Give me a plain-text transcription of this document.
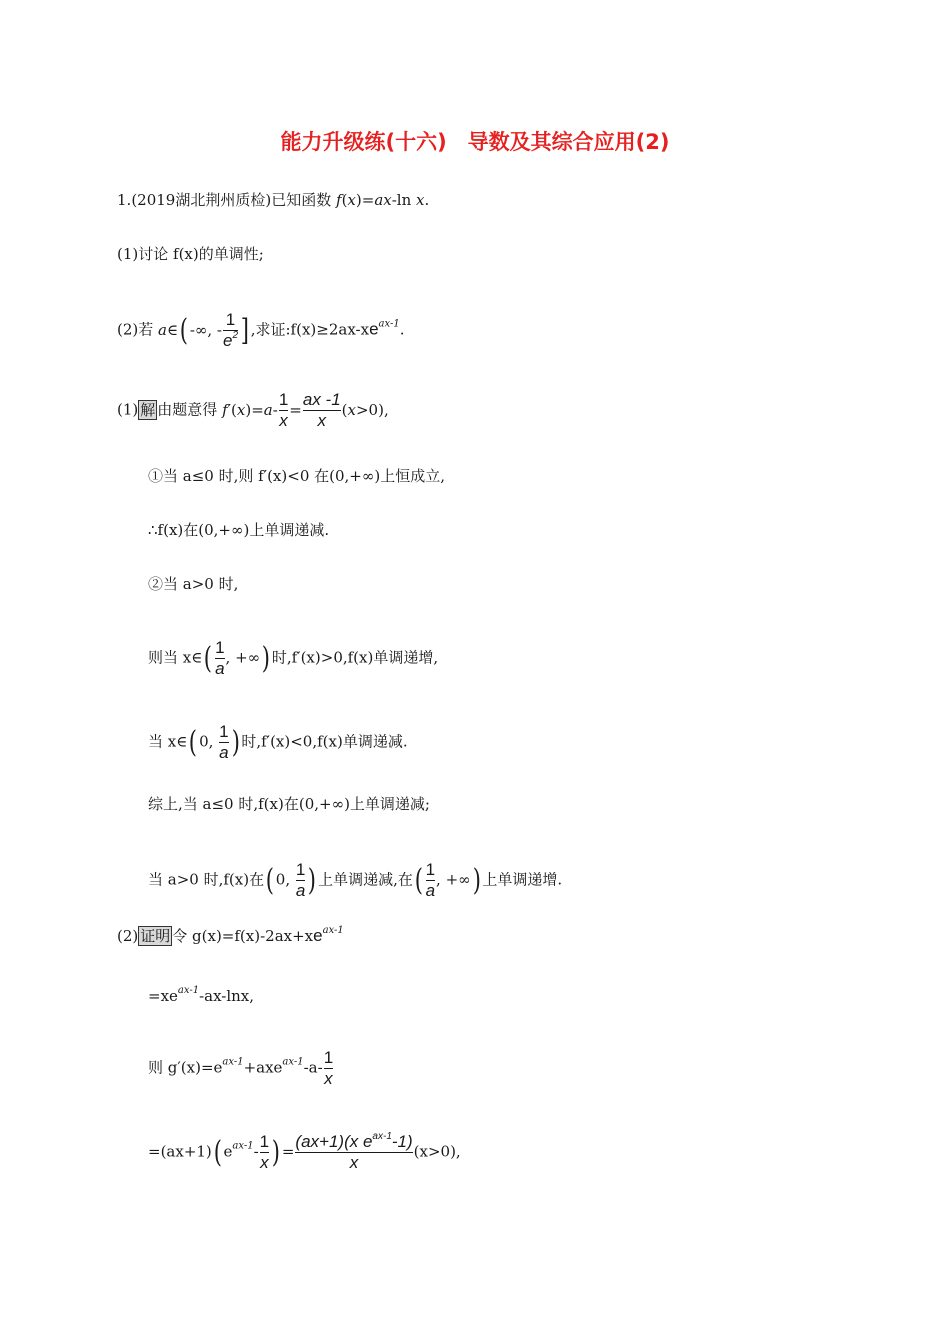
能力升级练(十六)　导数及其综合应用(2)
1.(2019湖北荆州质检)已知函数 f(x)=ax-ln x.
(1)讨论 f(x)的单调性;
(2)若 a∈( -∞, - $\frac{1}{e^2}$ ] ,求证$:f(x)\ge 2ax-xe^{ax-1}$.
(1) 解 由题意得 $f'(x)=a- \frac{1}{x} = \frac{ax -1}{x} (x>0)$,
①当 a≤0 时,则 f′(x)<0 在(0,+∞)上恒成立,
∴f(x)在(0,+∞)上单调递减.
②当 a>0 时,
则当 x∈( $\frac{1}{a}$ , +∞) 时,f′(x)>0,f(x)单调递增,
当 x∈( 0, $\frac{1}{a}$ ) 时,f′(x)<0,f(x)单调递减.
综上,当 a≤0 时,f(x)在(0,+∞)上单调递减;
当 a>0 时,f(x)在( 0, $\frac{1}{a}$ ) 上单调递减,在( $\frac{1}{a}$ , +∞) 上单调递增.
(2) 证明 令 $g(x)=f(x)-2ax+xe^{ax-1}$
$=xe^{ax-1}-ax$-lnx,
则 $g'(x)=e^{ax-1}+axe^{ax-1}-a- \frac{1}{x}$
=(ax+1)( $e^{ax-1}- \frac{1}{x}$ ) = $\frac{(ax+1)(x e^{ax-1}-1)}{x} (x>0)$,
